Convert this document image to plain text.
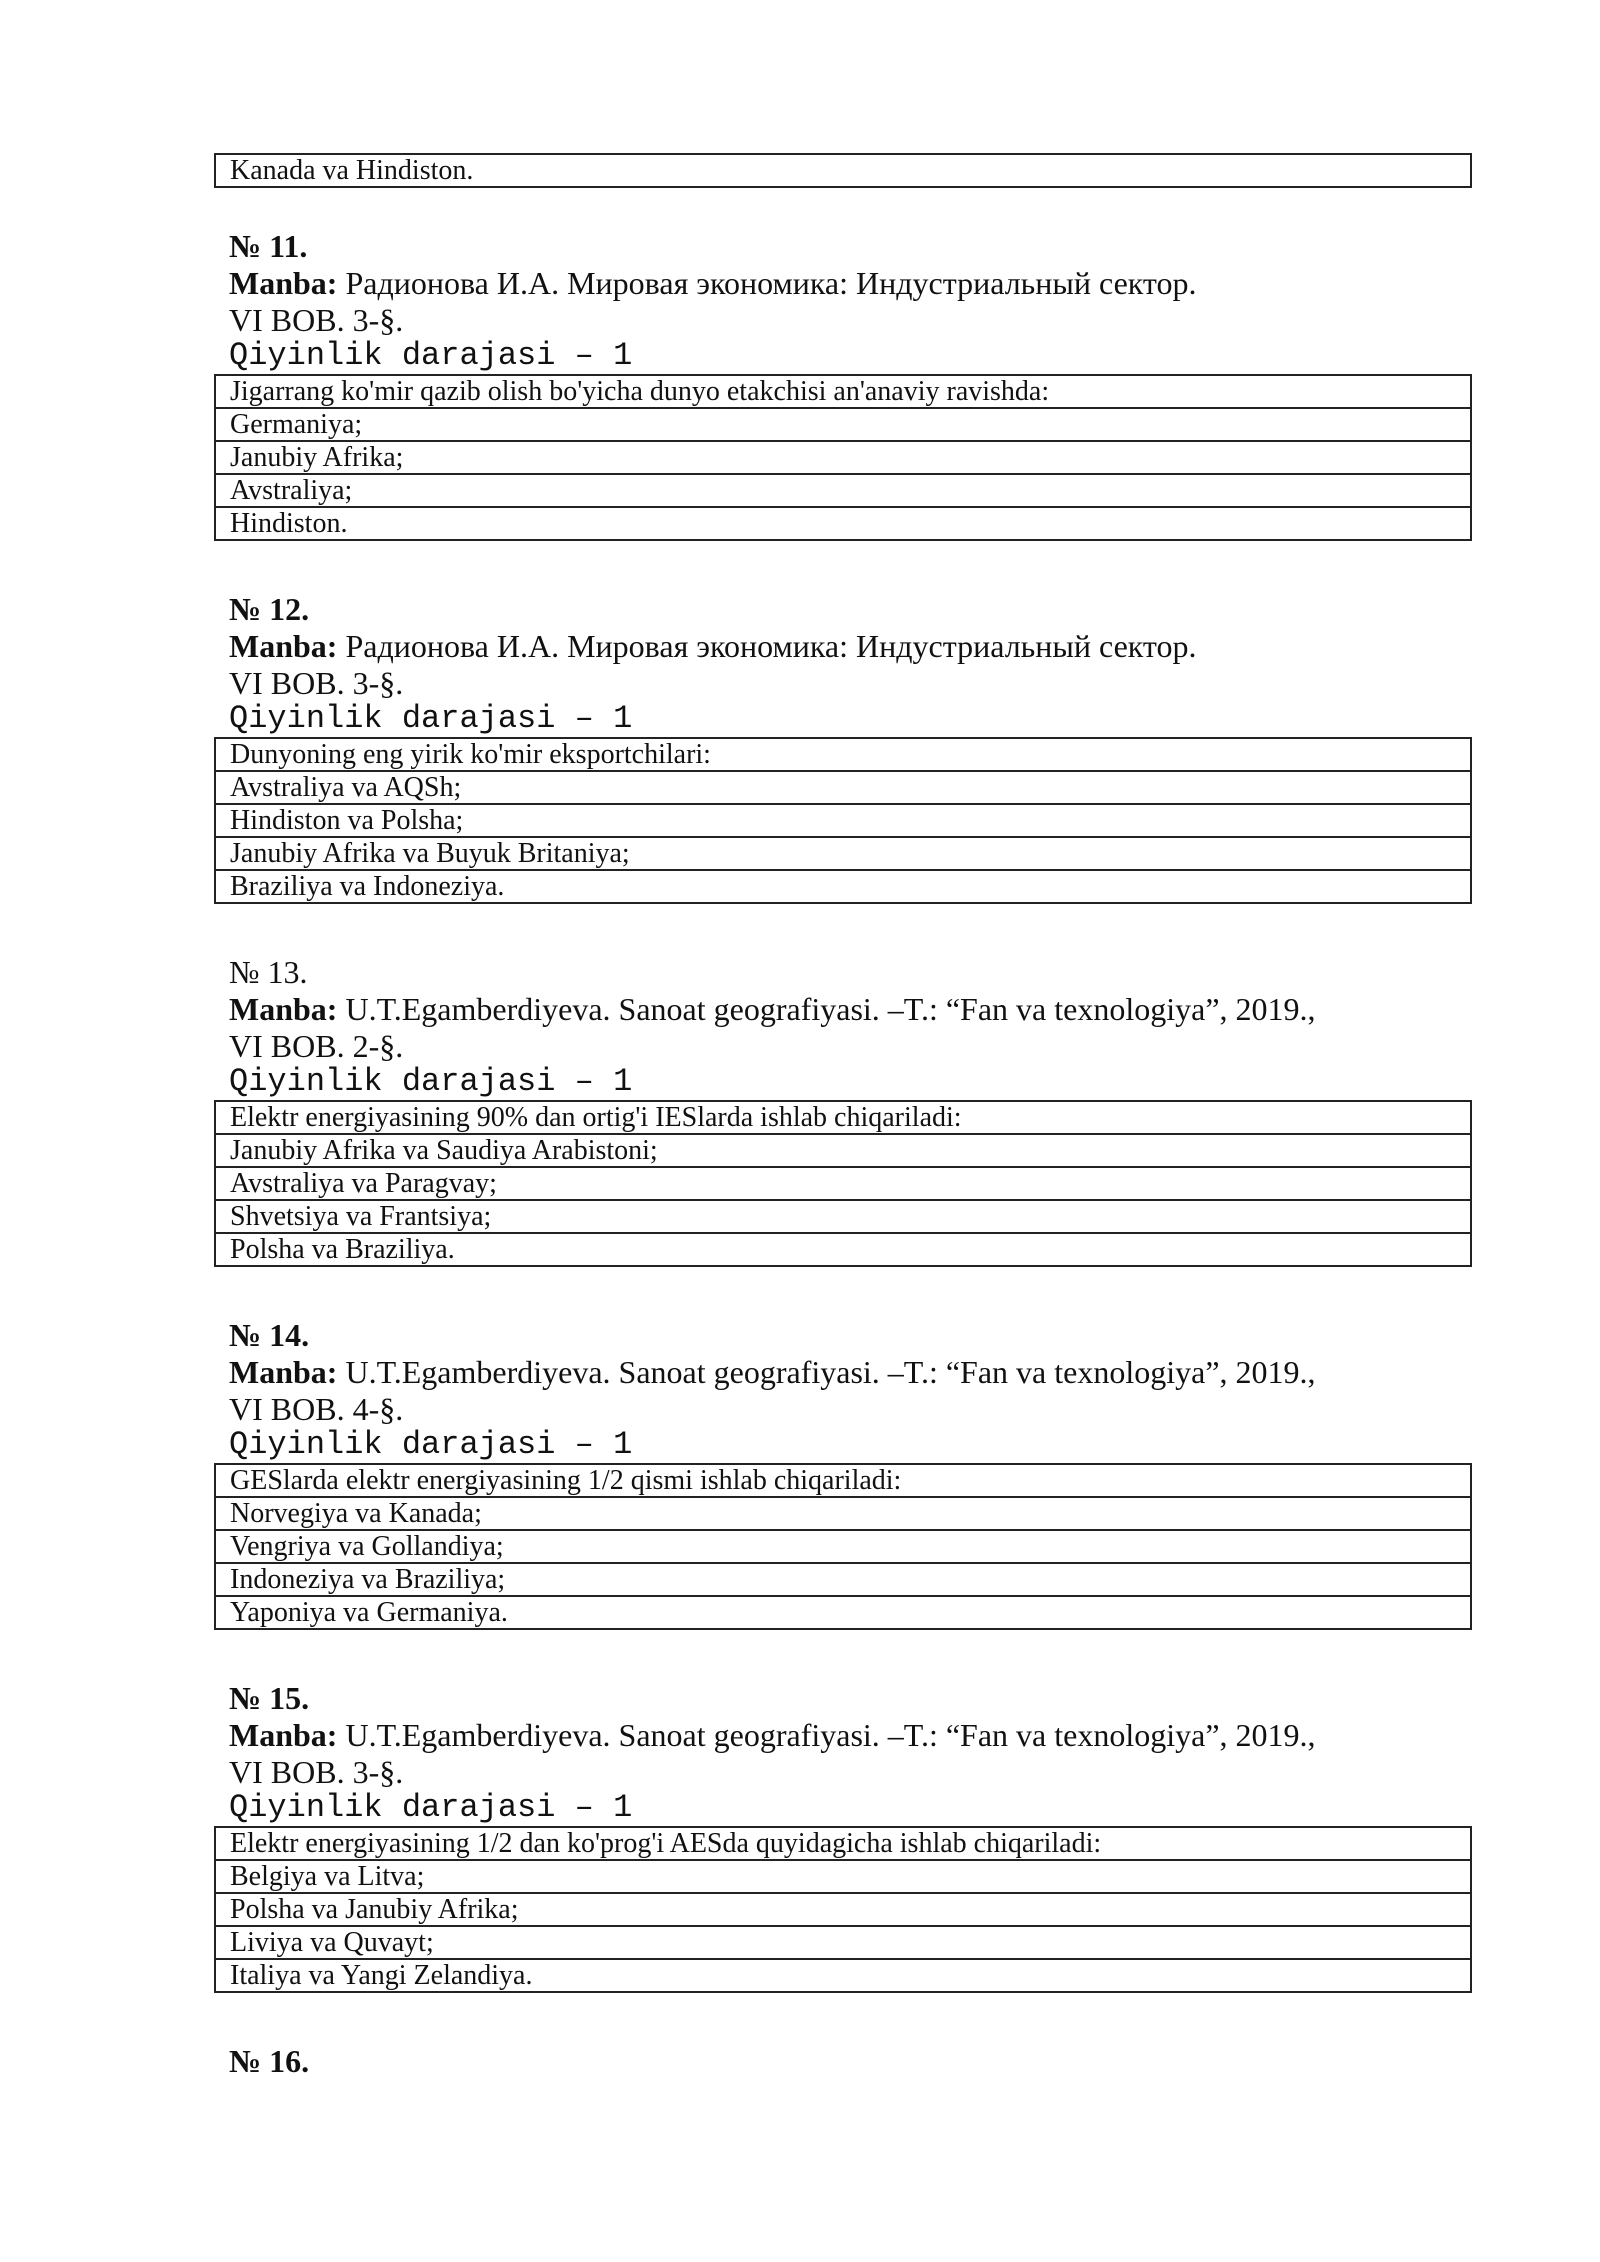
Kanada va Hindiston.
№ 11.
Manba: Радионова И.А. Мировая экономика: Индустриальный сектор.
VI BOB. 3-§.
Qiyinlik darajasi – 1
Jigarrang ko'mir qazib olish bo'yicha dunyo etakchisi an'anaviy ravishda:
Germaniya;
Janubiy Afrika;
Avstraliya;
Hindiston.
№ 12.
Manba: Радионова И.А. Мировая экономика: Индустриальный сектор.
VI BOB. 3-§.
Qiyinlik darajasi – 1
Dunyoning eng yirik ko'mir eksportchilari:
Avstraliya va AQSh;
Hindiston va Polsha;
Janubiy Afrika va Buyuk Britaniya;
Braziliya va Indoneziya.
№ 13.
Manba: U.T.Egamberdiyeva. Sanoat geografiyasi. –T.: “Fan va texnologiya”, 2019.,
VI BOB. 2-§.
Qiyinlik darajasi – 1
Elektr energiyasining 90% dan ortig'i IESlarda ishlab chiqariladi:
Janubiy Afrika va Saudiya Arabistoni;
Avstraliya va Paragvay;
Shvetsiya va Frantsiya;
Polsha va Braziliya.
№ 14.
Manba: U.T.Egamberdiyeva. Sanoat geografiyasi. –T.: “Fan va texnologiya”, 2019.,
VI BOB. 4-§.
Qiyinlik darajasi – 1
GESlarda elektr energiyasining 1/2 qismi ishlab chiqariladi:
Norvegiya va Kanada;
Vengriya va Gollandiya;
Indoneziya va Braziliya;
Yaponiya va Germaniya.
№ 15.
Manba: U.T.Egamberdiyeva. Sanoat geografiyasi. –T.: “Fan va texnologiya”, 2019.,
VI BOB. 3-§.
Qiyinlik darajasi – 1
Elektr energiyasining 1/2 dan ko'prog'i AESda quyidagicha ishlab chiqariladi:
Belgiya va Litva;
Polsha va Janubiy Afrika;
Liviya va Quvayt;
Italiya va Yangi Zelandiya.
№ 16.
